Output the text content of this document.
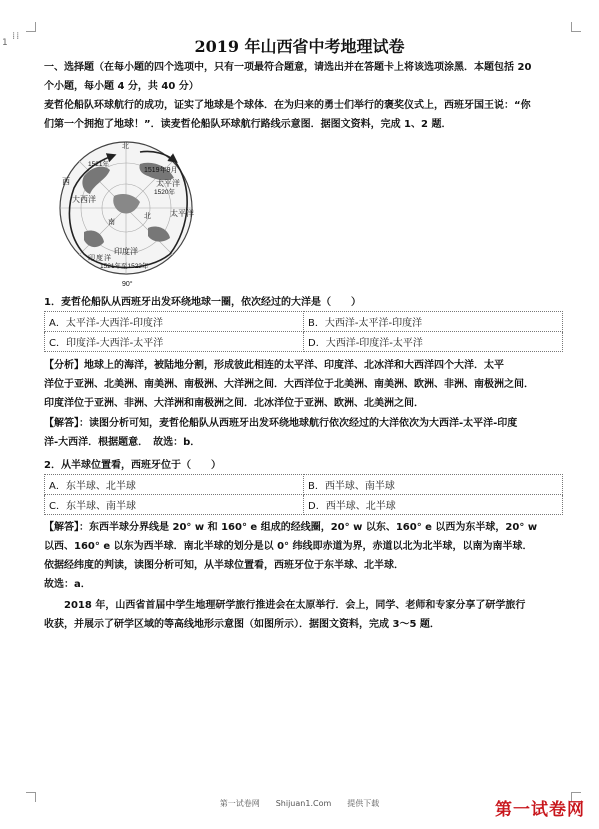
1
⁞⁞
2019 年山西省中考地理试卷
一、选择题（在每小题的四个选项中，只有一项最符合题意，请选出并在答题卡上将该选项涂黑．本题包括 20
个小题，每小题 4 分，共 40 分）
麦哲伦船队环球航行的成功，证实了地球是个球体．在为归来的勇士们举行的褒奖仪式上，西班牙国王说：“你
们第一个拥抱了地球！”．读麦哲伦船队环球航行路线示意图．据图文资料，完成 1、2 题．
北
1519年9月
1520年
1521年
1521年至1522年
太平洋
大西洋
印度洋
太平洋
西
北
南
印 度 洋
90°
1．麦哲伦船队从西班牙出发环绕地球一圈，依次经过的大洋是（　　）
A．太平洋-大西洋-印度洋	B．大西洋-太平洋-印度洋
C．印度洋-大西洋-太平洋	D．大西洋-印度洋-太平洋
【分析】地球上的海洋，被陆地分割，形成彼此相连的太平洋、印度洋、北冰洋和大西洋四个大洋．太平
洋位于亚洲、北美洲、南美洲、南极洲、大洋洲之间．大西洋位于北美洲、南美洲、欧洲、非洲、南极洲之间．
印度洋位于亚洲、非洲、大洋洲和南极洲之间．北冰洋位于亚洲、欧洲、北美洲之间．
【解答】：读图分析可知，麦哲伦船队从西班牙出发环绕地球航行依次经过的大洋依次为大西洋-太平洋-印度
洋-大西洋．根据题意．　故选：b．
2．从半球位置看，西班牙位于（　　）
A．东半球、北半球	B．西半球、南半球
C．东半球、南半球	D．西半球、北半球
【解答】：东西半球分界线是 20° w 和 160° e 组成的经线圈，20° w 以东、160° e 以西为东半球，20° w
以西、160° e 以东为西半球．南北半球的划分是以 0° 纬线即赤道为界，赤道以北为北半球，以南为南半球．
依据经纬度的判读，读图分析可知，从半球位置看，西班牙位于东半球、北半球．
故选：a．
2018 年，山西省首届中学生地理研学旅行推进会在太原举行．会上，同学、老师和专家分享了研学旅行
收获，并展示了研学区域的等高线地形示意图（如图所示）．据图文资料，完成 3～5 题．
第一试卷网　　Shijuan1.Com　　提供下载	第一试卷网
